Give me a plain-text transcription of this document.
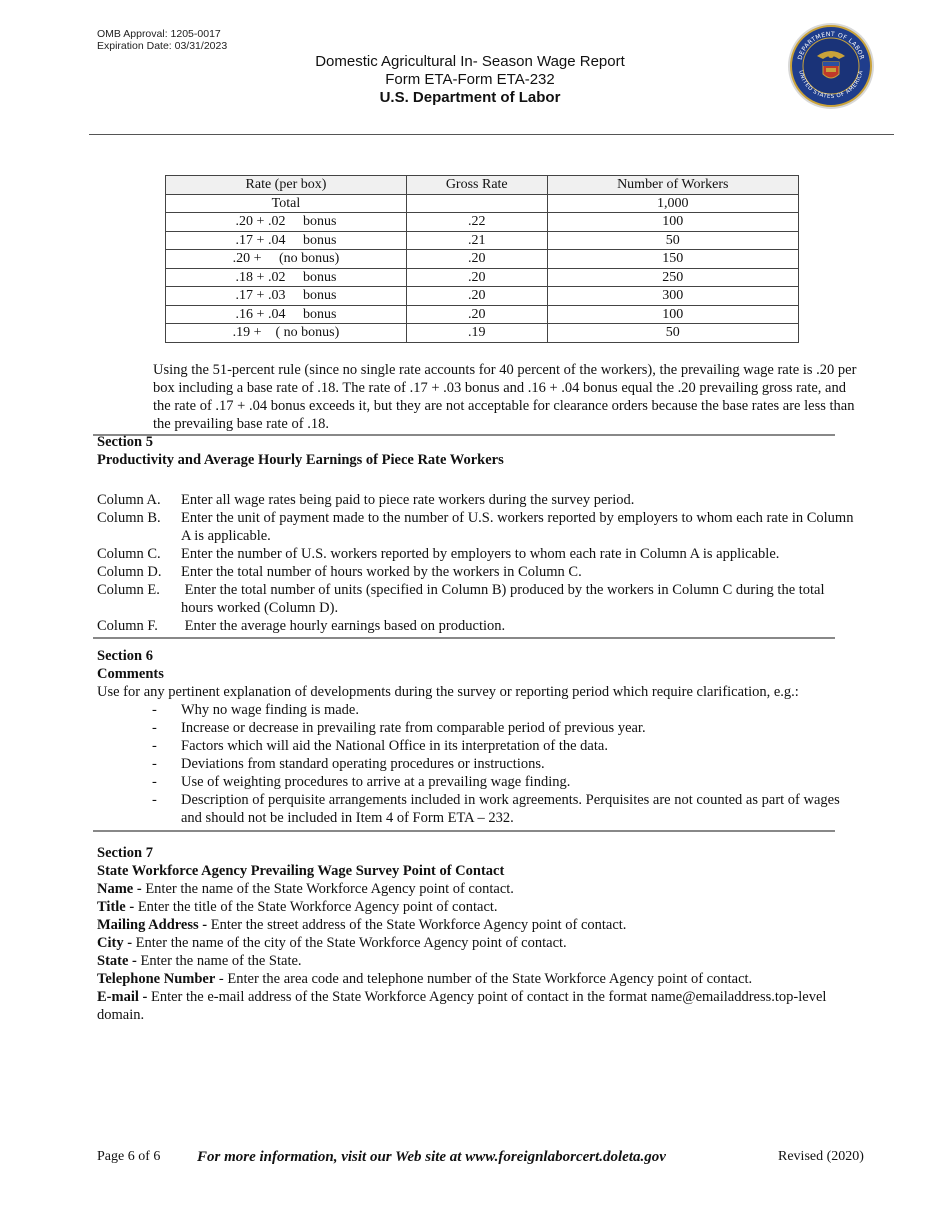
OMB Approval: 1205-0017
Expiration Date: 03/31/2023
Domestic Agricultural In- Season Wage Report
Form ETA-Form ETA-232
U.S. Department of Labor
DEPARTMENT OF LABOR
UNITED STATES OF AMERICA
Rate (per box)	Gross Rate	Number of Workers
Total		1,000
.20 + .02     bonus	.22	100
.17 + .04     bonus	.21	50
.20 +     (no bonus)	.20	150
.18 + .02     bonus	.20	250
.17 + .03     bonus	.20	300
.16 + .04     bonus	.20	100
.19 +    ( no bonus)	.19	50
Using the 51-percent rule (since no single rate accounts for 40 percent of the workers), the prevailing wage rate is .20 per box including a base rate of .18. The rate of .17 + .03 bonus and .16 + .04 bonus equal the .20 prevailing gross rate, and the rate of .17 + .04 bonus exceeds it, but they are not acceptable for clearance orders because the base rates are less than the prevailing base rate of .18.
Section 5
Productivity and Average Hourly Earnings of Piece Rate Workers
Column A.	Enter all wage rates being paid to piece rate workers during the survey period.
Column B.	Enter the unit of payment made to the number of U.S. workers reported by employers to whom each rate in Column A is applicable.
Column C.	Enter the number of U.S. workers reported by employers to whom each rate in Column A is applicable.
Column D.	Enter the total number of hours worked by the workers in Column C.
Column E.	Enter the total number of units (specified in Column B) produced by the workers in Column C during the total hours worked (Column D).
Column F.	Enter the average hourly earnings based on production.
Section 6
Comments
Use for any pertinent explanation of developments during the survey or reporting period which require clarification, e.g.:
-	Why no wage finding is made.
-	Increase or decrease in prevailing rate from comparable period of previous year.
-	Factors which will aid the National Office in its interpretation of the data.
-	Deviations from standard operating procedures or instructions.
-	Use of weighting procedures to arrive at a prevailing wage finding.
-	Description of perquisite arrangements included in work agreements. Perquisites are not counted as part of wages and should not be included in Item 4 of Form ETA – 232.
Section 7
State Workforce Agency Prevailing Wage Survey Point of Contact
Name - Enter the name of the State Workforce Agency point of contact.
Title - Enter the title of the State Workforce Agency point of contact.
Mailing Address - Enter the street address of the State Workforce Agency point of contact.
City - Enter the name of the city of the State Workforce Agency point of contact.
State - Enter the name of the State.
Telephone Number - Enter the area code and telephone number of the State Workforce Agency point of contact.
E-mail - Enter the e-mail address of the State Workforce Agency point of contact in the format name@emailaddress.top-level domain.
Page 6 of 6 For more information, visit our Web site at www.foreignlaborcert.doleta.gov	Revised (2020)
